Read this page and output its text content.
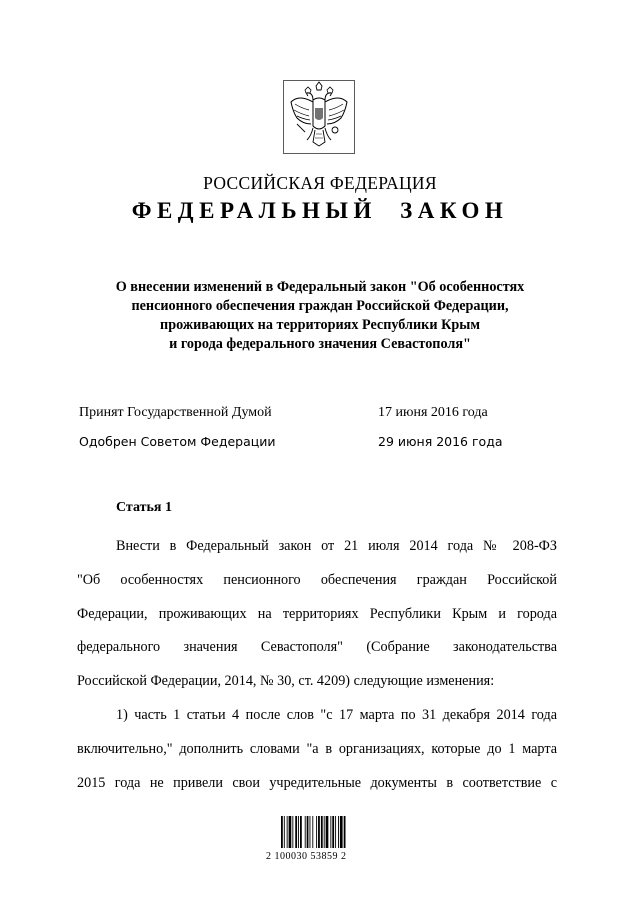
РОССИЙСКАЯ ФЕДЕРАЦИЯ
ФЕДЕРАЛЬНЫЙ ЗАКОН
О внесении изменений в Федеральный закон "Об особенностях
пенсионного обеспечения граждан Российской Федерации,
проживающих на территориях Республики Крым
и города федерального значения Севастополя"
Принят Государственной Думой	17 июня 2016 года
Одобрен Советом Федерации	29 июня 2016 года
Статья 1
Внести в Федеральный закон от 21 июля 2014 года № 208-ФЗ
"Об особенностях пенсионного обеспечения граждан Российской
Федерации, проживающих на территориях Республики Крым и города
федерального значения Севастополя" (Собрание законодательства
Российской Федерации, 2014, № 30, ст. 4209) следующие изменения:
1) часть 1 статьи 4 после слов "с 17 марта по 31 декабря 2014 года
включительно," дополнить словами "а в организациях, которые до 1 марта
2015 года не привели свои учредительные документы в соответствие с
2 100030 53859 2
